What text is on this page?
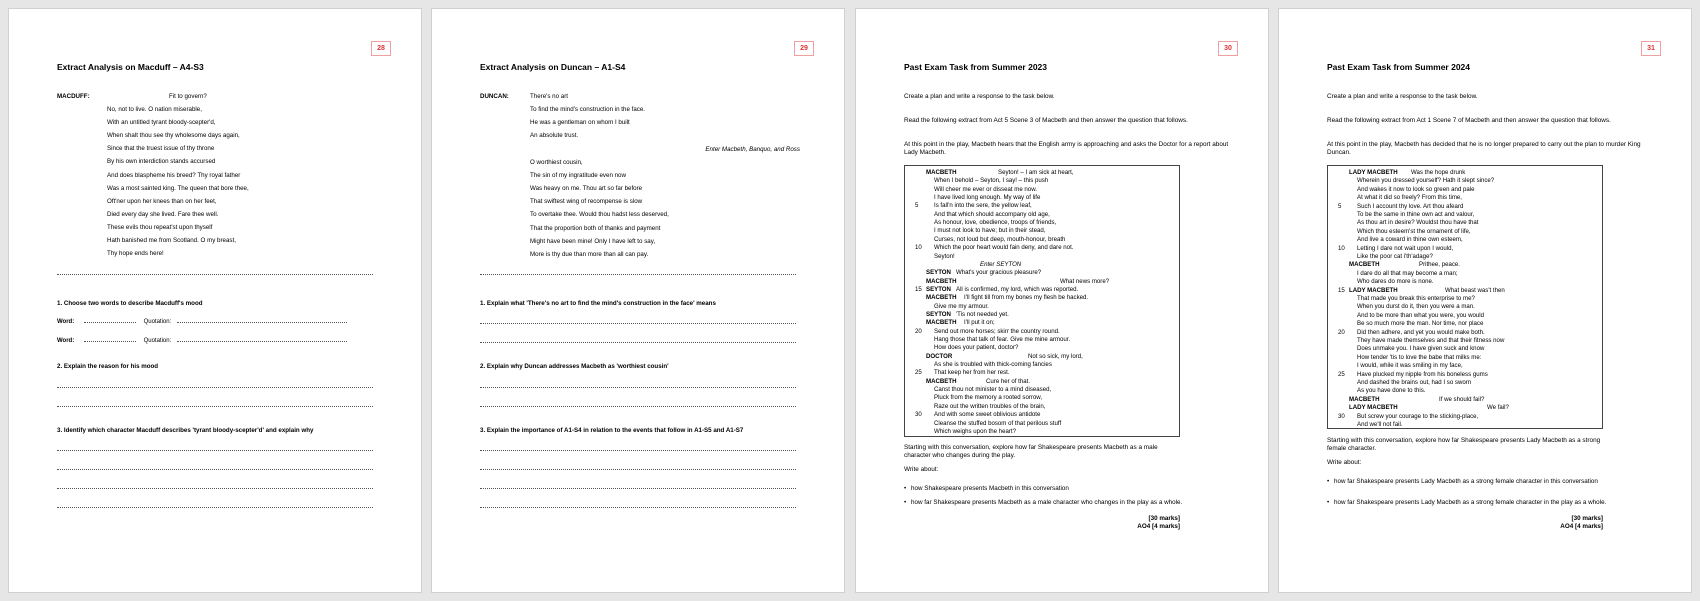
28
Extract Analysis on Macduff – A4-S3
MACDUFF:	Fit to govern?
No, not to live. O nation miserable,
With an untitled tyrant bloody-scepter'd,
When shalt thou see thy wholesome days again,
Since that the truest issue of thy throne
By his own interdiction stands accursed
And does blaspheme his breed? Thy royal father
Was a most sainted king. The queen that bore thee,
Oft'ner upon her knees than on her feet,
Died every day she lived. Fare thee well.
These evils thou repeat'st upon thyself
Hath banished me from Scotland. O my breast,
Thy hope ends here!
1. Choose two words to describe Macduff's mood
Word:	Quotation:
Word:	Quotation:
2. Explain the reason for his mood
3. Identify which character Macduff describes 'tyrant bloody-scepter'd' and explain why
29
Extract Analysis on Duncan – A1-S4
DUNCAN:	There's no art
To find the mind's construction in the face.
He was a gentleman on whom I built
An absolute trust.
Enter Macbeth, Banquo, and Ross
O worthiest cousin,
The sin of my ingratitude even now
Was heavy on me. Thou art so far before
That swiftest wing of recompense is slow
To overtake thee. Would thou hadst less deserved,
That the proportion both of thanks and payment
Might have been mine! Only I have left to say,
More is thy due than more than all can pay.
1. Explain what 'There's no art to find the mind's construction in the face' means
2. Explain why Duncan addresses Macbeth as 'worthiest cousin'
3. Explain the importance of A1-S4 in relation to the events that follow in A1-S5 and A1-S7
30
Past Exam Task from Summer 2023
Create a plan and write a response to the task below.
Read the following extract from Act 5 Scene 3 of Macbeth and then answer the question that follows.
At this point in the play, Macbeth hears that the English army is approaching and asks the Doctor for a report about Lady Macbeth.
MACBETH	Seyton! – I am sick at heart,
When I behold – Seyton, I say! – this push
Will cheer me ever or disseat me now.
I have lived long enough. My way of life
5	Is fall'n into the sere, the yellow leaf,
And that which should accompany old age,
As honour, love, obedience, troops of friends,
I must not look to have; but in their stead,
Curses, not loud but deep, mouth-honour, breath
10 Which the poor heart would fain deny, and dare not.
Seyton!
Enter SEYTON
SEYTON What's your gracious pleasure?
MACBETH	What news more?
15 SEYTON All is confirmed, my lord, which was reported.
MACBETH I'll fight till from my bones my flesh be hacked.
Give me my armour.
SEYTON 'Tis not needed yet.
MACBETH I'll put it on;
20 Send out more horses; skirr the country round.
Hang those that talk of fear. Give me mine armour.
How does your patient, doctor?
DOCTOR	Not so sick, my lord,
As she is troubled with thick-coming fancies
25 That keep her from her rest.
MACBETH	Cure her of that.
Canst thou not minister to a mind diseased,
Pluck from the memory a rooted sorrow,
Raze out the written troubles of the brain,
30 And with some sweet oblivious antidote
Cleanse the stuffed bosom of that perilous stuff
Which weighs upon the heart?
Starting with this conversation, explore how far Shakespeare presents Macbeth as a male character who changes during the play.
Write about:
• how Shakespeare presents Macbeth in this conversation
• how far Shakespeare presents Macbeth as a male character who changes in the play as a whole.
[30 marks]
AO4 [4 marks]
31
Past Exam Task from Summer 2024
Create a plan and write a response to the task below.
Read the following extract from Act 1 Scene 7 of Macbeth and then answer the question that follows.
At this point in the play, Macbeth has decided that he is no longer prepared to carry out the plan to murder King Duncan.
LADY MACBETH Was the hope drunk
Wherein you dressed yourself? Hath it slept since?
And wakes it now to look so green and pale
At what it did so freely? From this time,
5	Such I account thy love. Art thou afeard
To be the same in thine own act and valour,
As thou art in desire? Wouldst thou have that
Which thou esteem'st the ornament of life,
And live a coward in thine own esteem,
10 Letting I dare not wait upon I would,
Like the poor cat i'th'adage?
MACBETH	Prithee, peace.
I dare do all that may become a man;
Who dares do more is none.
15 LADY MACBETH	What beast was't then
That made you break this enterprise to me?
When you durst do it, then you were a man.
And to be more than what you were, you would
Be so much more the man. Nor time, nor place
20 Did then adhere, and yet you would make both.
They have made themselves and that their fitness now
Does unmake you. I have given suck and know
How tender 'tis to love the babe that milks me:
I would, while it was smiling in my face,
25 Have plucked my nipple from his boneless gums
And dashed the brains out, had I so sworn
As you have done to this.
MACBETH	If we should fail?
LADY MACBETH	We fail?
30 But screw your courage to the sticking-place,
And we'll not fail.
Starting with this conversation, explore how far Shakespeare presents Lady Macbeth as a strong female character.
Write about:
• how far Shakespeare presents Lady Macbeth as a strong female character in this conversation
• how far Shakespeare presents Lady Macbeth as a strong female character in the play as a whole.
[30 marks]
AO4 [4 marks]
